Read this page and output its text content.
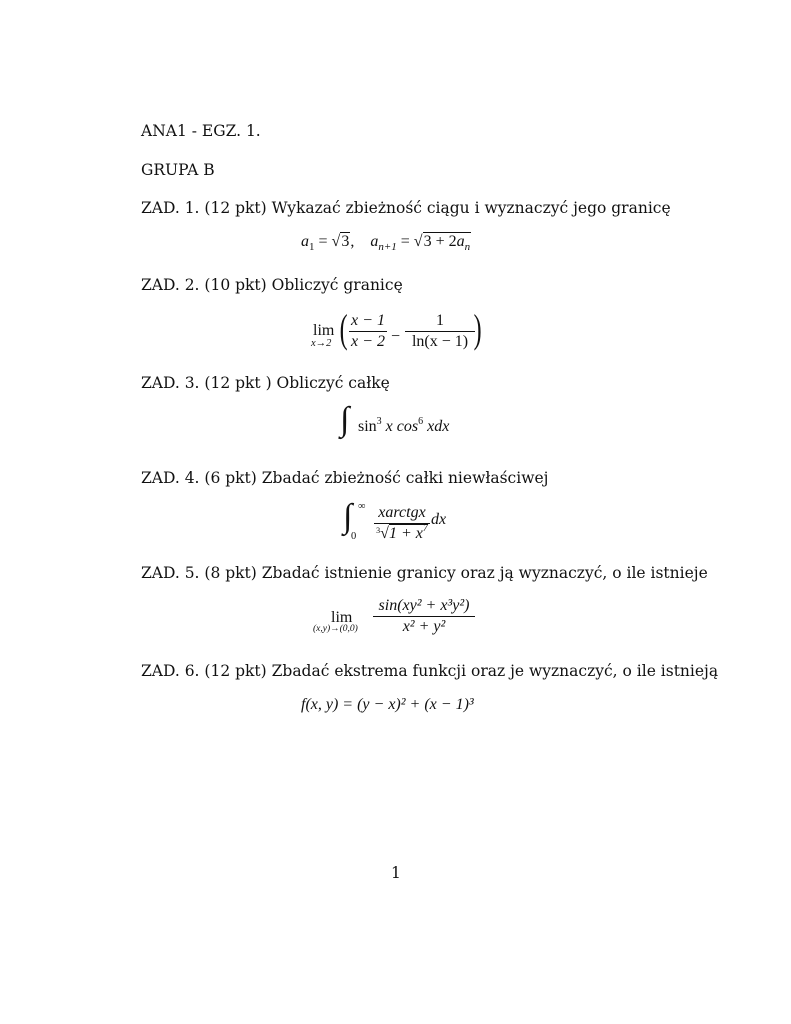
ANA1 - EGZ. 1.
GRUPA B
ZAD. 1. (12 pkt) Wykazać zbieżność ciągu i wyznaczyć jego granicę
$a_1 = √3$, $a_{n+1} = √3 + 2a_n$
ZAD. 2. (10 pkt) Obliczyć granicę
lim
x→2 ( x − 1
x − 2 −
1
ln(x − 1) )
ZAD. 3. (12 pkt ) Obliczyć całkę
∫ $\sin^3 x$ $\cos^6$ xdx
ZAD. 4. (6 pkt) Zbadać zbieżność całki niewłaściwej
∫ ∞
0
xarctgx
$^3√1 + x^7$
dx
ZAD. 5. (8 pkt) Zbadać istnienie granicy oraz ją wyznaczyć, o ile istnieje
lim
(x,y)→(0,0)
sin(xy² + x³y²)
x² + y²
ZAD. 6. (12 pkt) Zbadać ekstrema funkcji oraz je wyznaczyć, o ile istnieją
f(x, y) = (y − x)² + (x − 1)³
1
